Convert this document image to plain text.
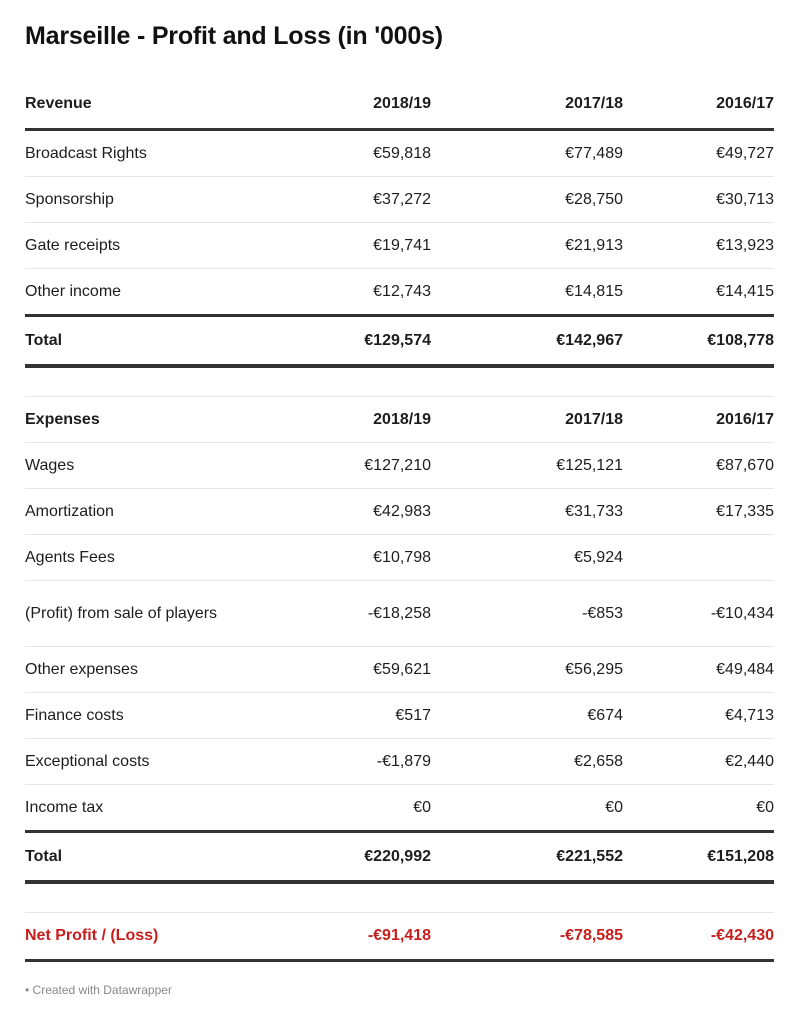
Marseille - Profit and Loss (in '000s)
Revenue	2018/19	2017/18	2016/17
Broadcast Rights	€59,818	€77,489	€49,727
Sponsorship	€37,272	€28,750	€30,713
Gate receipts	€19,741	€21,913	€13,923
Other income	€12,743	€14,815	€14,415
Total	€129,574	€142,967	€108,778

Expenses	2018/19	2017/18	2016/17
Wages	€127,210	€125,121	€87,670
Amortization	€42,983	€31,733	€17,335
Agents Fees	€10,798	€5,924	
(Profit) from sale of players	-€18,258	-€853	-€10,434
Other expenses	€59,621	€56,295	€49,484
Finance costs	€517	€674	€4,713
Exceptional costs	-€1,879	€2,658	€2,440
Income tax	€0	€0	€0
Total	€220,992	€221,552	€151,208

Net Profit / (Loss)	-€91,418	-€78,585	-€42,430
• Created with Datawrapper
